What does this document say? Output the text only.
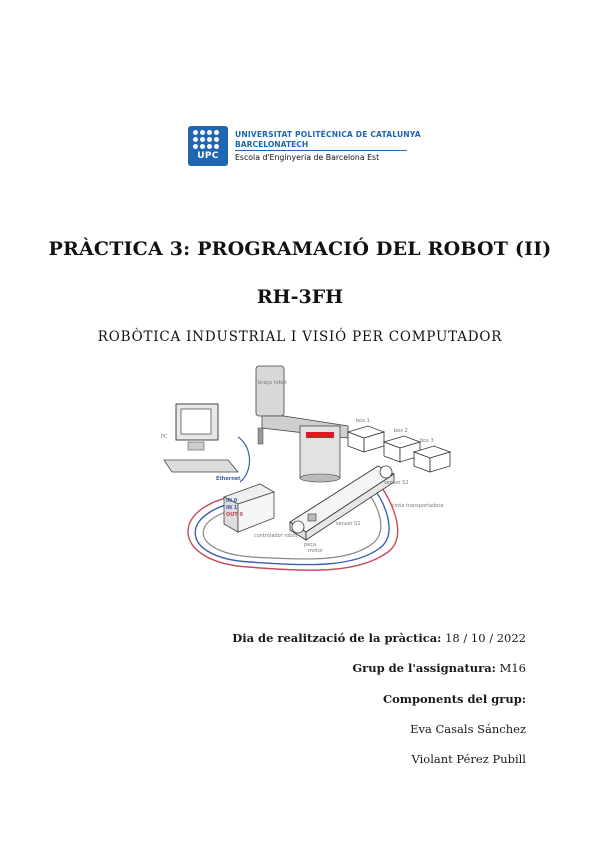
UPC
UNIVERSITAT POLITÈCNICA DE CATALUNYA
BARCELONATECH
Escola d'Enginyeria de Barcelona Est
PRÀCTICA 3: PROGRAMACIÓ DEL ROBOT (II)
RH-3FH
ROBÒTICA INDUSTRIAL I VISIÓ PER COMPUTADOR
PC
Ethernet
IN 0
IN 1
OUT 0
controlador robot
braço robot
box 1
box 2
box 3
sensor S2
cinta transportadora
sensor S1
peça
motor
Dia de realització de la pràctica: 18 / 10 / 2022
Grup de l'assignatura: M16
Components del grup:
Eva Casals Sánchez
Violant Pérez Pubill
